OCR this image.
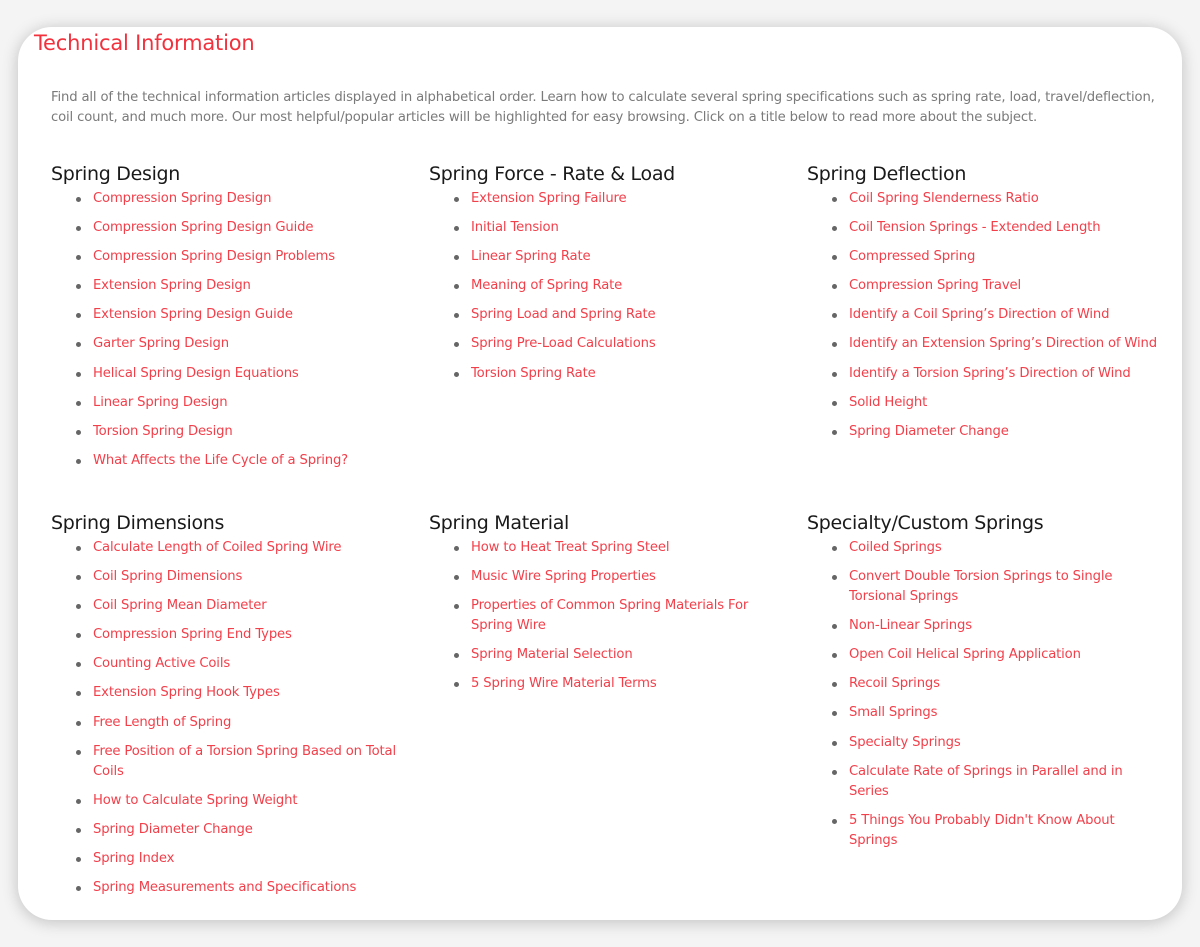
Technical Information

Find all of the technical information articles displayed in alphabetical order. Learn how to calculate several spring specifications such as spring rate, load, travel/deflection, coil count, and much more. Our most helpful/popular articles will be highlighted for easy browsing. Click on a title below to read more about the subject.

Spring Design
Compression Spring Design
Compression Spring Design Guide
Compression Spring Design Problems
Extension Spring Design
Extension Spring Design Guide
Garter Spring Design
Helical Spring Design Equations
Linear Spring Design
Torsion Spring Design
What Affects the Life Cycle of a Spring?
Spring Force - Rate & Load
Extension Spring Failure
Initial Tension
Linear Spring Rate
Meaning of Spring Rate
Spring Load and Spring Rate
Spring Pre-Load Calculations
Torsion Spring Rate
Spring Deflection
Coil Spring Slenderness Ratio
Coil Tension Springs - Extended Length
Compressed Spring
Compression Spring Travel
Identify a Coil Spring’s Direction of Wind
Identify an Extension Spring’s Direction of Wind
Identify a Torsion Spring’s Direction of Wind
Solid Height
Spring Diameter Change
Spring Dimensions
Calculate Length of Coiled Spring Wire
Coil Spring Dimensions
Coil Spring Mean Diameter
Compression Spring End Types
Counting Active Coils
Extension Spring Hook Types
Free Length of Spring
Free Position of a Torsion Spring Based on Total Coils
How to Calculate Spring Weight
Spring Diameter Change
Spring Index
Spring Measurements and Specifications
Spring Material
How to Heat Treat Spring Steel
Music Wire Spring Properties
Properties of Common Spring Materials For Spring Wire
Spring Material Selection
5 Spring Wire Material Terms
Specialty/Custom Springs
Coiled Springs
Convert Double Torsion Springs to Single Torsional Springs
Non-Linear Springs
Open Coil Helical Spring Application
Recoil Springs
Small Springs
Specialty Springs
Calculate Rate of Springs in Parallel and in Series
5 Things You Probably Didn't Know About Springs
